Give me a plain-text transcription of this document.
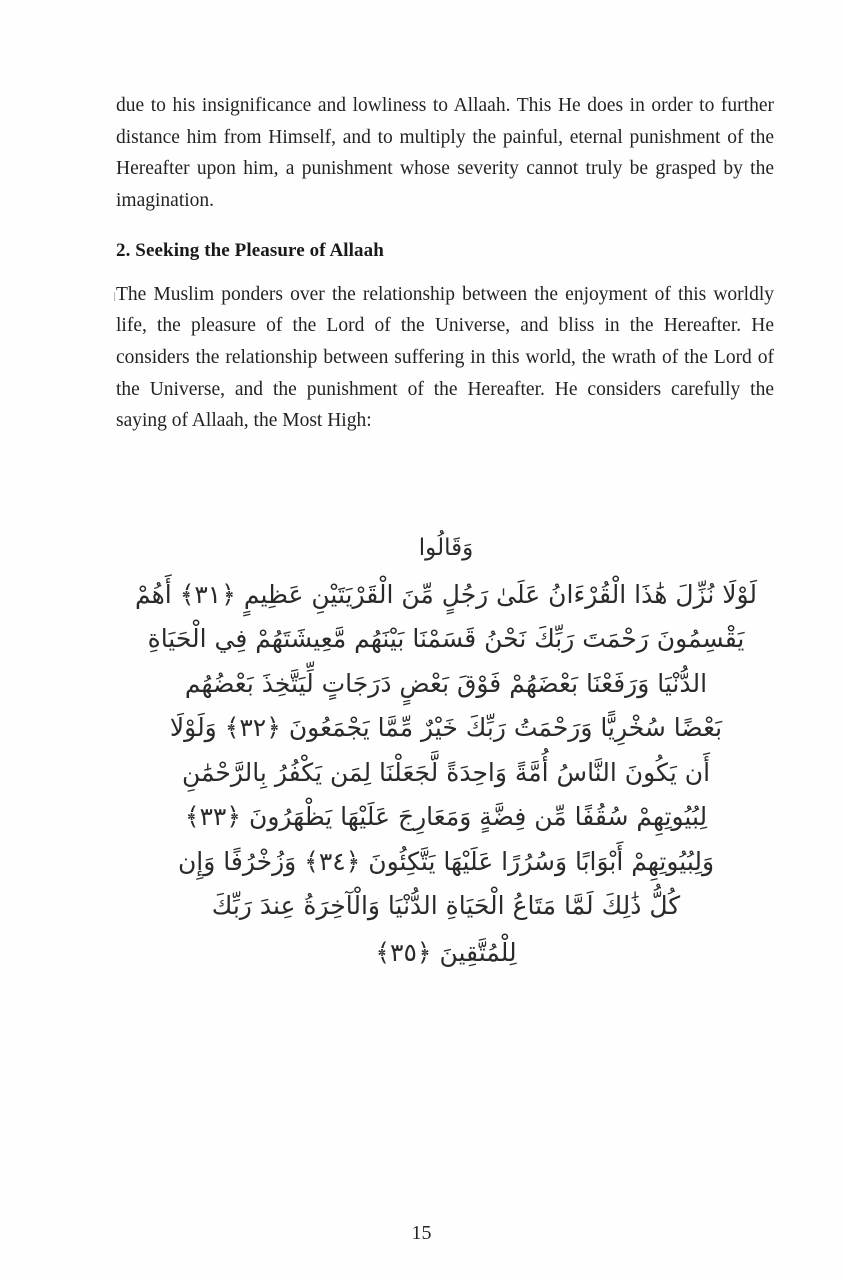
due to his insignificance and lowliness to Allaah. This He does in order to further distance him from Himself, and to multiply the painful, eternal punishment of the Hereafter upon him, a punishment whose severity cannot truly be grasped by the imagination.

2. Seeking the Pleasure of Allaah

The Muslim ponders over the relationship between the enjoyment of this worldly life, the pleasure of the Lord of the Universe, and bliss in the Hereafter. He considers the relationship between suffering in this world, the wrath of the Lord of the Universe, and the punishment of the Hereafter. He considers carefully the saying of Allaah, the Most High:

وَقَالُوا
لَوْلَا نُزِّلَ هَٰذَا الْقُرْءَانُ عَلَىٰ رَجُلٍ مِّنَ الْقَرْيَتَيْنِ عَظِيمٍ ﴿٣١﴾ أَهُمْ
يَقْسِمُونَ رَحْمَتَ رَبِّكَ نَحْنُ قَسَمْنَا بَيْنَهُم مَّعِيشَتَهُمْ فِي الْحَيَاةِ
الدُّنْيَا وَرَفَعْنَا بَعْضَهُمْ فَوْقَ بَعْضٍ دَرَجَاتٍ لِّيَتَّخِذَ بَعْضُهُم
بَعْضًا سُخْرِيًّا وَرَحْمَتُ رَبِّكَ خَيْرٌ مِّمَّا يَجْمَعُونَ ﴿٣٢﴾ وَلَوْلَا
أَن يَكُونَ النَّاسُ أُمَّةً وَاحِدَةً لَّجَعَلْنَا لِمَن يَكْفُرُ بِالرَّحْمَٰنِ
لِبُيُوتِهِمْ سُقُفًا مِّن فِضَّةٍ وَمَعَارِجَ عَلَيْهَا يَظْهَرُونَ ﴿٣٣﴾
وَلِبُيُوتِهِمْ أَبْوَابًا وَسُرُرًا عَلَيْهَا يَتَّكِئُونَ ﴿٣٤﴾ وَزُخْرُفًا وَإِن
كُلُّ ذَٰلِكَ لَمَّا مَتَاعُ الْحَيَاةِ الدُّنْيَا وَالْآخِرَةُ عِندَ رَبِّكَ
لِلْمُتَّقِينَ ﴿٣٥﴾
15
